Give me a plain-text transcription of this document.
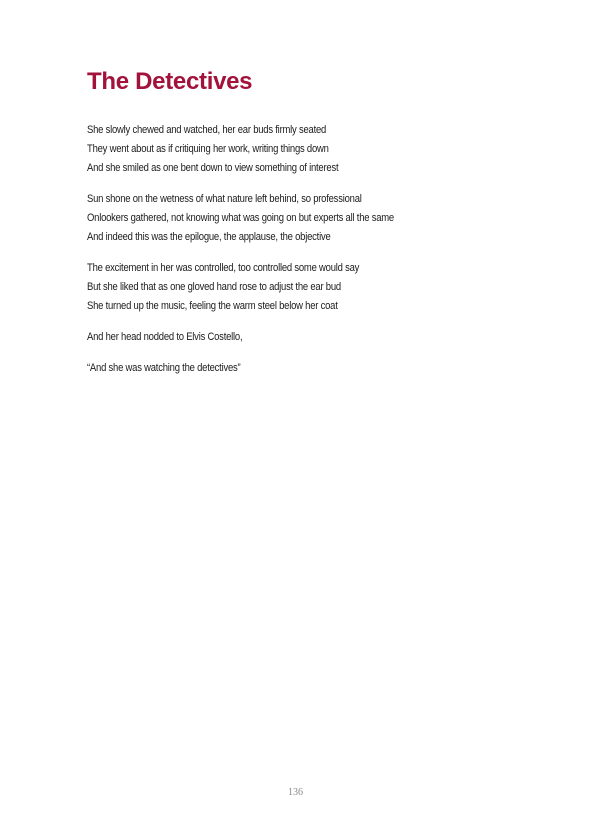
The Detectives

She slowly chewed and watched, her ear buds firmly seated
They went about as if critiquing her work, writing things down
And she smiled as one bent down to view something of interest

Sun shone on the wetness of what nature left behind, so professional
Onlookers gathered, not knowing what was going on but experts all the same
And indeed this was the epilogue, the applause, the objective

The excitement in her was controlled, too controlled some would say
But she liked that as one gloved hand rose to adjust the ear bud
She turned up the music, feeling the warm steel below her coat

And her head nodded to Elvis Costello,

“And she was watching the detectives”

136
